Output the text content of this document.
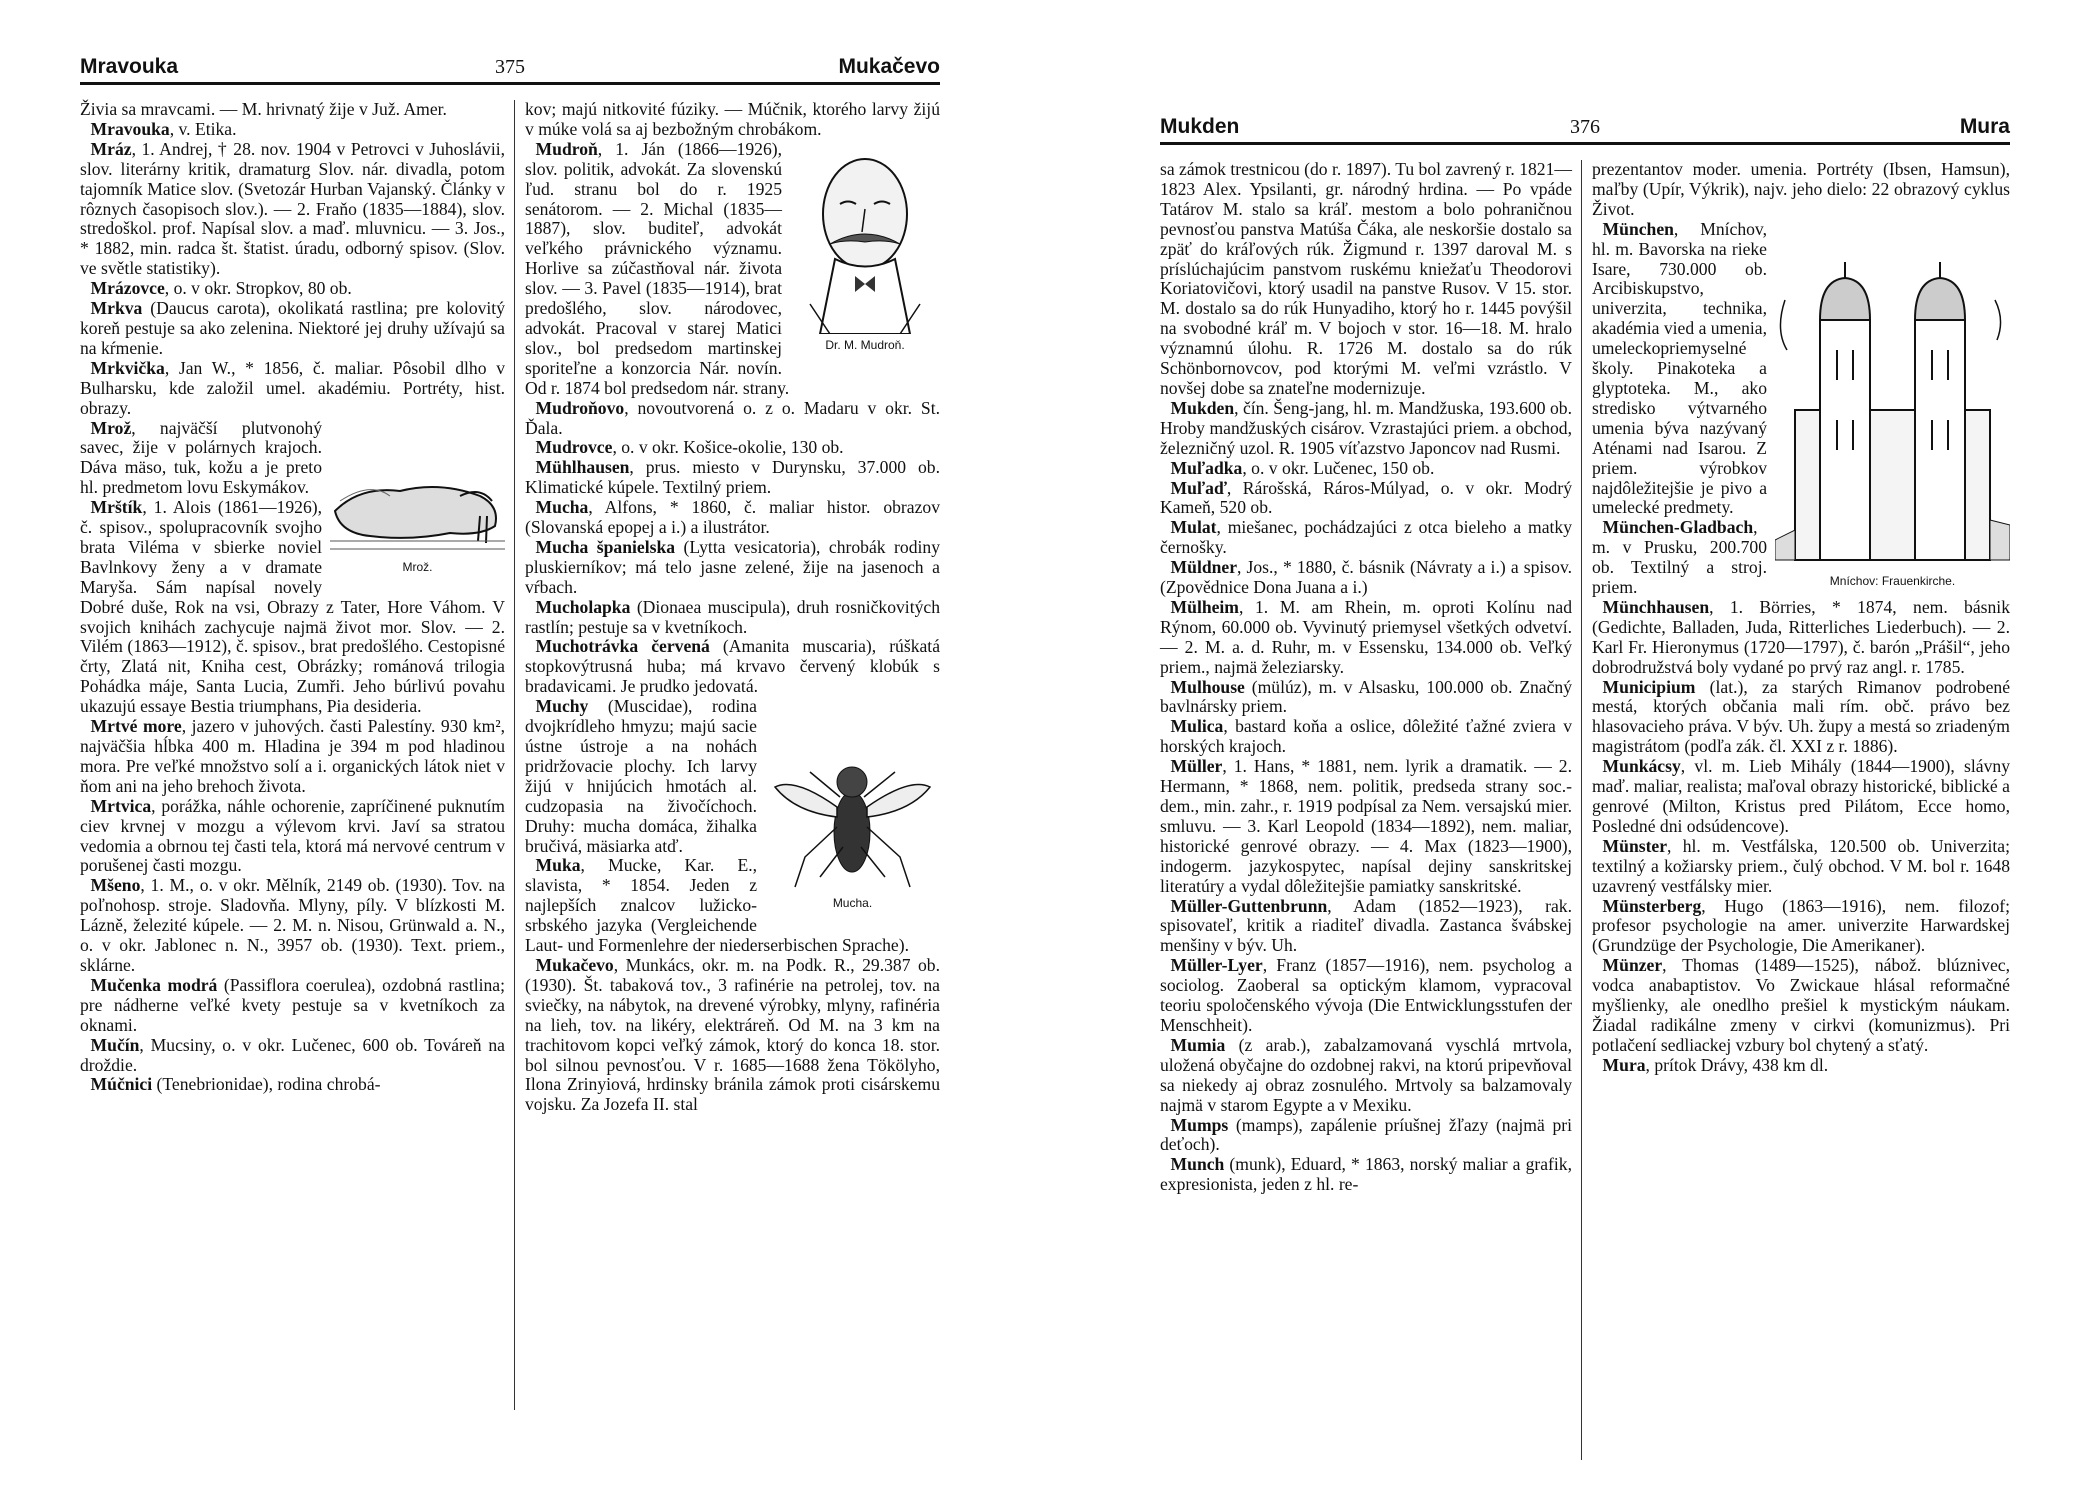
Mravouka	375	Mukačevo

Živia sa mravcami. — M. hrivnatý žije v Juž. Amer.

Mravouka, v. Etika.

Mráz, 1. Andrej, † 28. nov. 1904 v Petrovci v Juhoslávii, slov. literárny kritik, dramaturg Slov. nár. divadla, potom tajomník Matice slov. (Svetozár Hurban Vajanský. Články v rôznych časopisoch slov.). — 2. Fraňo (1835—1884), slov. stredoškol. prof. Napísal slov. a maď. mluvnicu. — 3. Jos., * 1882, min. radca št. štatist. úradu, odborný spisov. (Slov. ve světle statistiky).

Mrázovce, o. v okr. Stropkov, 80 ob.

Mrkva (Daucus carota), okolikatá rastlina; pre kolovitý koreň pestuje sa ako zelenina. Niektoré jej druhy užívajú sa na kŕmenie.

Mrkvička, Jan W., * 1856, č. maliar. Pôsobil dlho v Bulharsku, kde založil umel. akadémiu. Portréty, hist. obrazy.

Mrož.

Mrož, najväčší plutvonohý savec, žije v polárnych krajoch. Dáva mäso, tuk, kožu a je preto hl. predmetom lovu Eskymákov.

Mrštík, 1. Alois (1861—1926), č. spisov., spolupracovník svojho brata Viléma v sbierke noviel Bavlnkovy ženy a v dramate Maryša. Sám napísal novely Dobré duše, Rok na vsi, Obrazy z Tater, Hore Váhom. V svojich knihách zachycuje najmä život mor. Slov. — 2. Vilém (1863—1912), č. spisov., brat predošlého. Cestopisné črty, Zlatá nit, Kniha cest, Obrázky; románová trilogia Pohádka máje, Santa Lucia, Zumři. Jeho búrlivú povahu ukazujú essaye Bestia triumphans, Pia desideria.

Mrtvé more, jazero v juhových. časti Palestíny. 930 km², najväčšia hĺbka 400 m. Hladina je 394 m pod hladinou mora. Pre veľké množstvo solí a i. organických látok niet v ňom ani na jeho brehoch života.

Mrtvica, porážka, náhle ochorenie, zapríčinené puknutím ciev krvnej v mozgu a výlevom krvi. Javí sa stratou vedomia a obrnou tej časti tela, ktorá má nervové centrum v porušenej časti mozgu.

Mšeno, 1. M., o. v okr. Mělník, 2149 ob. (1930). Tov. na poľnohosp. stroje. Sladovňa. Mlyny, píly. V blízkosti M. Lázně, železité kúpele. — 2. M. n. Nisou, Grünwald a. N., o. v okr. Jablonec n. N., 3957 ob. (1930). Text. priem., sklárne.

Mučenka modrá (Passiflora coerulea), ozdobná rastlina; pre nádherne veľké kvety pestuje sa v kvetníkoch za oknami.

Mučín, Mucsiny, o. v okr. Lučenec, 600 ob. Továreň na droždie.

Múčnici (Tenebrionidae), rodina chrobá-

kov; majú nitkovité fúziky. — Múčnik, ktorého larvy žijú v múke volá sa aj bezbožným chrobákom.

Dr. M. Mudroň.

Mudroň, 1. Ján (1866—1926), slov. politik, advokát. Za slovenskú ľud. stranu bol do r. 1925 senátorom. — 2. Michal (1835—1887), slov. buditeľ, advokát veľkého právnického významu. Horlive sa zúčastňoval nár. života slov. — 3. Pavel (1835—1914), brat predošlého, slov. národovec, advokát. Pracoval v starej Matici slov., bol predsedom martinskej sporiteľne a konzorcia Nár. novín. Od r. 1874 bol predsedom nár. strany.

Mudroňovo, novoutvorená o. z o. Madaru v okr. St. Ďala.

Mudrovce, o. v okr. Košice-okolie, 130 ob.

Mühlhausen, prus. miesto v Durynsku, 37.000 ob. Klimatické kúpele. Textilný priem.

Mucha, Alfons, * 1860, č. maliar histor. obrazov (Slovanská epopej a i.) a ilustrátor.

Mucha španielska (Lytta vesicatoria), chrobák rodiny pluskierníkov; má telo jasne zelené, žije na jasenoch a vŕbach.

Mucholapka (Dionaea muscipula), druh rosničkovitých rastlín; pestuje sa v kvetníkoch.

Muchotrávka červená (Amanita muscaria), rúškatá stopkovýtrusná huba; má krvavo červený klobúk s bradavicami. Je prudko jedovatá.

Mucha.

Muchy (Muscidae), rodina dvojkrídleho hmyzu; majú sacie ústne ústroje a na nohách pridržovacie plochy. Ich larvy žijú v hnijúcich hmotách al. cudzopasia na živočíchoch. Druhy: mucha domáca, žihalka bručivá, mäsiarka atď.

Muka, Mucke, Kar. E., slavista, * 1854. Jeden z najlepších znalcov lužicko-srbského jazyka (Vergleichende Laut- und Formenlehre der niederserbischen Sprache).

Mukačevo, Munkács, okr. m. na Podk. R., 29.387 ob. (1930). Št. tabaková tov., 3 rafinérie na petrolej, tov. na sviečky, na nábytok, na drevené výrobky, mlyny, rafinéria na lieh, tov. na likéry, elektráreň. Od M. na 3 km na trachitovom kopci veľký zámok, ktorý do konca 18. stor. bol silnou pevnosťou. V r. 1685—1688 žena Tökölyho, Ilona Zrinyiová, hrdinsky bránila zámok proti cisárskemu vojsku. Za Jozefa II. stal

Mukden	376	Mura

sa zámok trestnicou (do r. 1897). Tu bol zavrený r. 1821—1823 Alex. Ypsilanti, gr. národný hrdina. — Po vpáde Tatárov M. stalo sa kráľ. mestom a bolo pohraničnou pevnosťou panstva Matúša Čáka, ale neskoršie dostalo sa zpäť do kráľových rúk. Žigmund r. 1397 daroval M. s príslúchajúcim panstvom ruskému kniežaťu Theodorovi Koriatovičovi, ktorý usadil na panstve Rusov. V 15. stor. M. dostalo sa do rúk Hunyadiho, ktorý ho r. 1445 povýšil na svobodné kráľ m. V bojoch v stor. 16—18. M. hralo významnú úlohu. R. 1726 M. dostalo sa do rúk Schönbornovcov, pod ktorými M. veľmi vzrástlo. V novšej dobe sa znateľne modernizuje.

Mukden, čín. Šeng-jang, hl. m. Mandžuska, 193.600 ob. Hroby mandžuských cisárov. Vzrastajúci priem. a obchod, železničný uzol. R. 1905 víťazstvo Japoncov nad Rusmi.

Muľadka, o. v okr. Lučenec, 150 ob.

Muľaď, Rárošská, Ráros-Múlyad, o. v okr. Modrý Kameň, 520 ob.

Mulat, miešanec, pochádzajúci z otca bieleho a matky černošky.

Müldner, Jos., * 1880, č. básnik (Návraty a i.) a spisov. (Zpovědnice Dona Juana a i.)

Mülheim, 1. M. am Rhein, m. oproti Kolínu nad Rýnom, 60.000 ob. Vyvinutý priemysel všetkých odvetví. — 2. M. a. d. Ruhr, m. v Essensku, 134.000 ob. Veľký priem., najmä železiarsky.

Mulhouse (mülúz), m. v Alsasku, 100.000 ob. Značný bavlnársky priem.

Mulica, bastard koňa a oslice, dôležité ťažné zviera v horských krajoch.

Müller, 1. Hans, * 1881, nem. lyrik a dramatik. — 2. Hermann, * 1868, nem. politik, predseda strany soc.-dem., min. zahr., r. 1919 podpísal za Nem. versajskú mier. smluvu. — 3. Karl Leopold (1834—1892), nem. maliar, historické genrové obrazy. — 4. Max (1823—1900), indogerm. jazykospytec, napísal dejiny sanskritskej literatúry a vydal dôležitejšie pamiatky sanskritské.

Müller-Guttenbrunn, Adam (1852—1923), rak. spisovateľ, kritik a riaditeľ divadla. Zastanca švábskej menšiny v býv. Uh.

Müller-Lyer, Franz (1857—1916), nem. psycholog a sociolog. Zaoberal sa optickým klamom, vypracoval teoriu spoločenského vývoja (Die Entwicklungsstufen der Menschheit).

Mumia (z arab.), zabalzamovaná vyschlá mrtvola, uložená obyčajne do ozdobnej rakvi, na ktorú pripevňoval sa niekedy aj obraz zosnulého. Mrtvoly sa balzamovaly najmä v starom Egypte a v Mexiku.

Mumps (mamps), zapálenie príušnej žľazy (najmä pri deťoch).

Munch (munk), Eduard, * 1863, norský maliar a grafik, expresionista, jeden z hl. re-

prezentantov moder. umenia. Portréty (Ibsen, Hamsun), maľby (Upír, Výkrik), najv. jeho dielo: 22 obrazový cyklus Život.

Mníchov: Frauenkirche.

München, Mníchov, hl. m. Bavorska na rieke Isare, 730.000 ob. Arcibiskupstvo, univerzita, technika, akadémia vied a umenia, umeleckopriemyselné školy. Pinakoteka a glyptoteka. M., ako stredisko výtvarného umenia býva nazývaný Aténami nad Isarou. Z priem. výrobkov najdôležitejšie je pivo a umelecké predmety.

München-Gladbach, m. v Prusku, 200.700 ob. Textilný a stroj. priem.

Münchhausen, 1. Börries, * 1874, nem. básnik (Gedichte, Balladen, Juda, Ritterliches Liederbuch). — 2. Karl Fr. Hieronymus (1720—1797), č. barón „Prášil“, jeho dobrodružstvá boly vydané po prvý raz angl. r. 1785.

Municipium (lat.), za starých Rimanov podrobené mestá, ktorých občania mali rím. obč. právo bez hlasovacieho práva. V býv. Uh. župy a mestá so zriadeným magistrátom (podľa zák. čl. XXI z r. 1886).

Munkácsy, vl. m. Lieb Mihály (1844—1900), slávny maď. maliar, realista; maľoval obrazy historické, biblické a genrové (Milton, Kristus pred Pilátom, Ecce homo, Posledné dni odsúdencove).

Münster, hl. m. Vestfálska, 120.500 ob. Univerzita; textilný a kožiarsky priem., čulý obchod. V M. bol r. 1648 uzavrený vestfálsky mier.

Münsterberg, Hugo (1863—1916), nem. filozof; profesor psychologie na amer. univerzite Harwardskej (Grundzüge der Psychologie, Die Amerikaner).

Münzer, Thomas (1489—1525), nábož. blúznivec, vodca anabaptistov. Vo Zwickaue hlásal reformačné myšlienky, ale onedlho prešiel k mystickým náukam. Žiadal radikálne zmeny v cirkvi (komunizmus). Pri potlačení sedliackej vzbury bol chytený a sťatý.

Mura, prítok Drávy, 438 km dl.
